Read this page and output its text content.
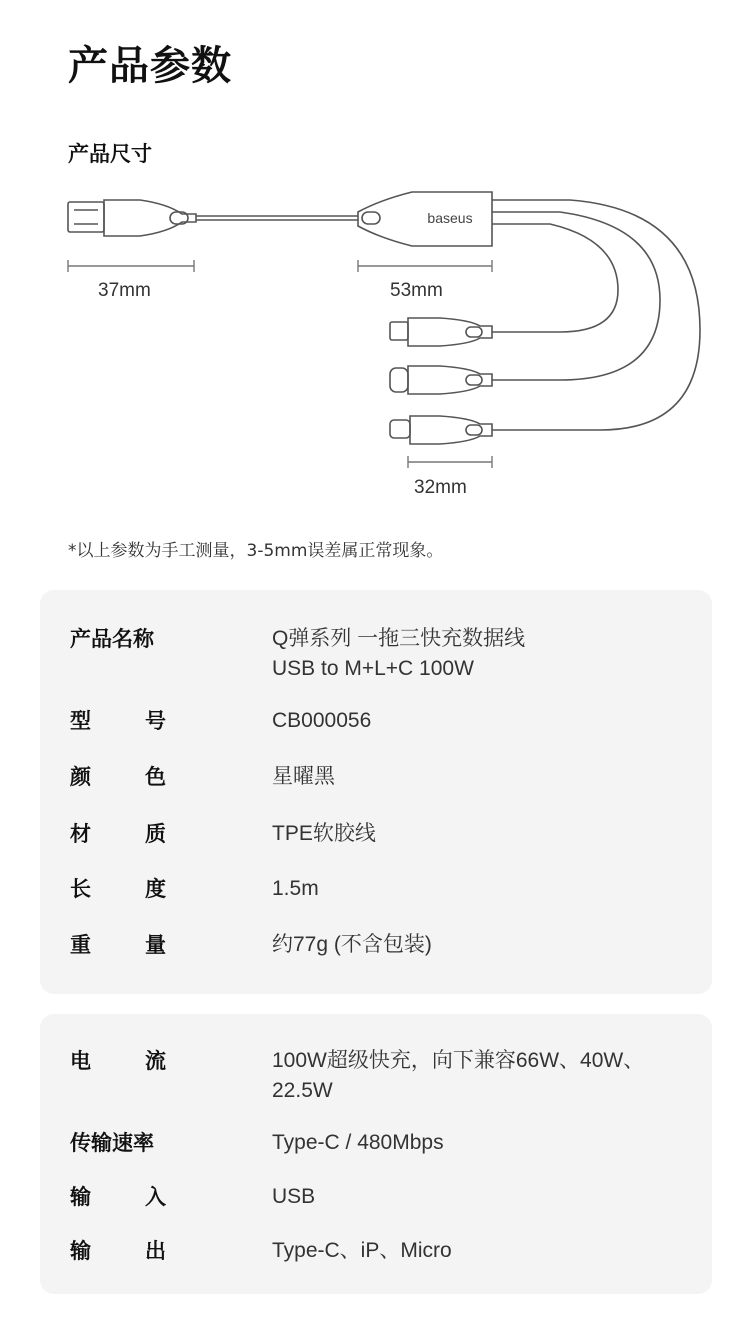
产品参数
产品尺寸
baseus
37mm	53mm
32mm
*以上参数为手工测量，3-5mm误差属正常现象。
产品名称	Q弹系列 一拖三快充数据线
USB to M+L+C 100W
型	号	CB000056
颜	色	星曜黑
材	质	TPE软胶线
长	度	1.5m
重	量	约77g (不含包装)
电	流	100W超级快充，向下兼容66W、40W、
22.5W
传输速率	Type-C / 480Mbps
输	入	USB
输	出	Type-C、iP、Micro
